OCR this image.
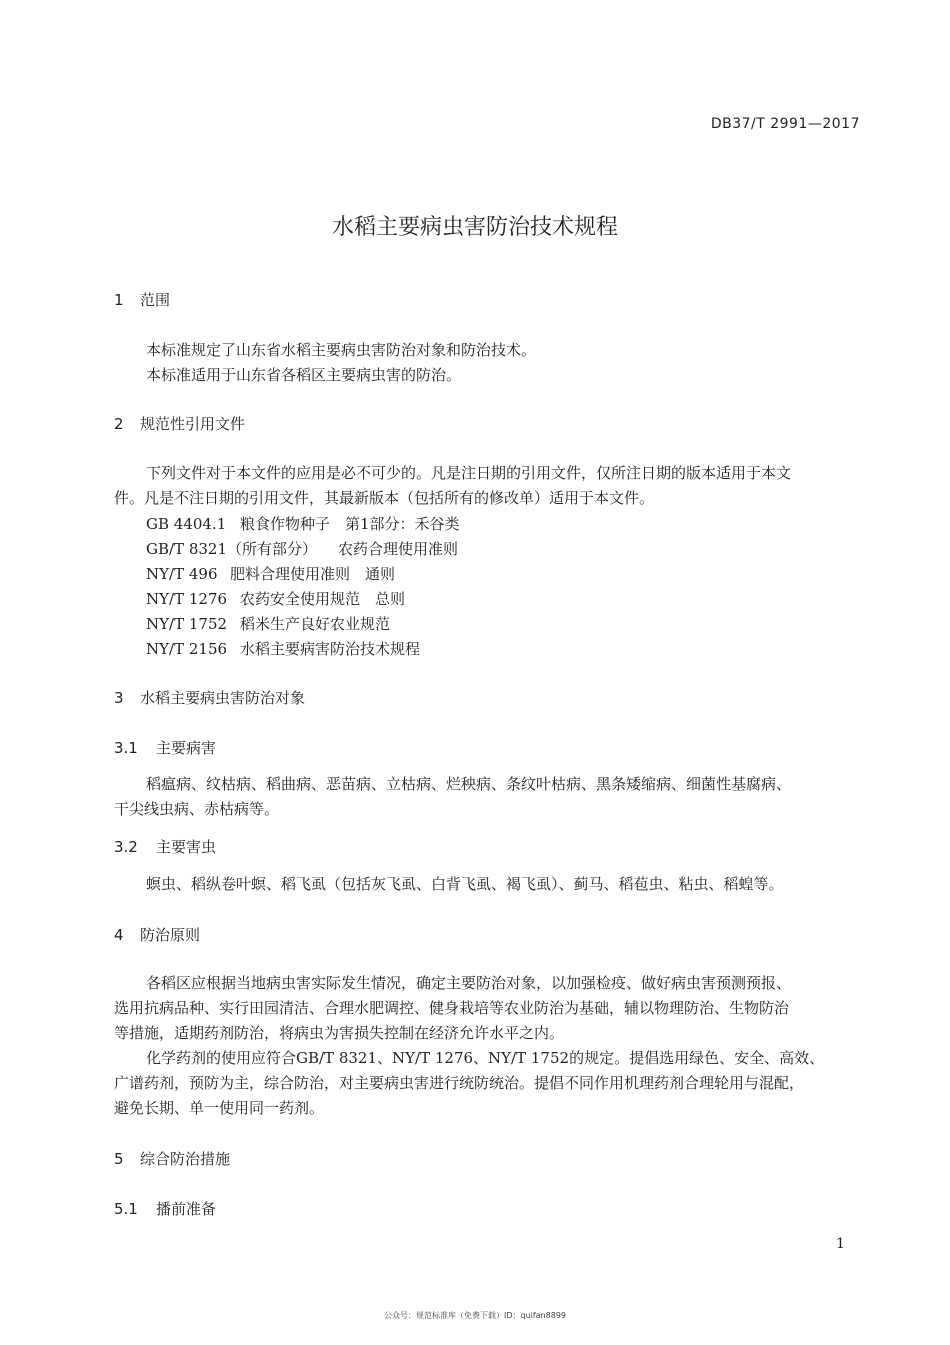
DB37/T 2991—2017
水稻主要病虫害防治技术规程
1 范围
本标准规定了山东省水稻主要病虫害防治对象和防治技术。
本标准适用于山东省各稻区主要病虫害的防治。
2 规范性引用文件
下列文件对于本文件的应用是必不可少的。凡是注日期的引用文件，仅所注日期的版本适用于本文
件。凡是不注日期的引用文件，其最新版本（包括所有的修改单）适用于本文件。
GB 4404.1 粮食作物种子　第1部分：禾谷类
GB/T 8321（所有部分） 农药合理使用准则
NY/T 496 肥料合理使用准则　通则
NY/T 1276 农药安全使用规范　总则
NY/T 1752 稻米生产良好农业规范
NY/T 2156 水稻主要病害防治技术规程
3 水稻主要病虫害防治对象
3.1 主要病害
稻瘟病、纹枯病、稻曲病、恶苗病、立枯病、烂秧病、条纹叶枯病、黑条矮缩病、细菌性基腐病、
干尖线虫病、赤枯病等。
3.2 主要害虫
螟虫、稻纵卷叶螟、稻飞虱（包括灰飞虱、白背飞虱、褐飞虱）、蓟马、稻苞虫、粘虫、稻蝗等。
4 防治原则
各稻区应根据当地病虫害实际发生情况，确定主要防治对象，以加强检疫、做好病虫害预测预报、
选用抗病品种、实行田园清洁、合理水肥调控、健身栽培等农业防治为基础，辅以物理防治、生物防治
等措施，适期药剂防治，将病虫为害损失控制在经济允许水平之内。
化学药剂的使用应符合GB/T 8321、NY/T 1276、NY/T 1752的规定。提倡选用绿色、安全、高效、
广谱药剂，预防为主，综合防治，对主要病虫害进行统防统治。提倡不同作用机理药剂合理轮用与混配，
避免长期、单一使用同一药剂。
5 综合防治措施
5.1 播前准备
1
公众号：规范标准库（免费下载）ID：quifan8899
